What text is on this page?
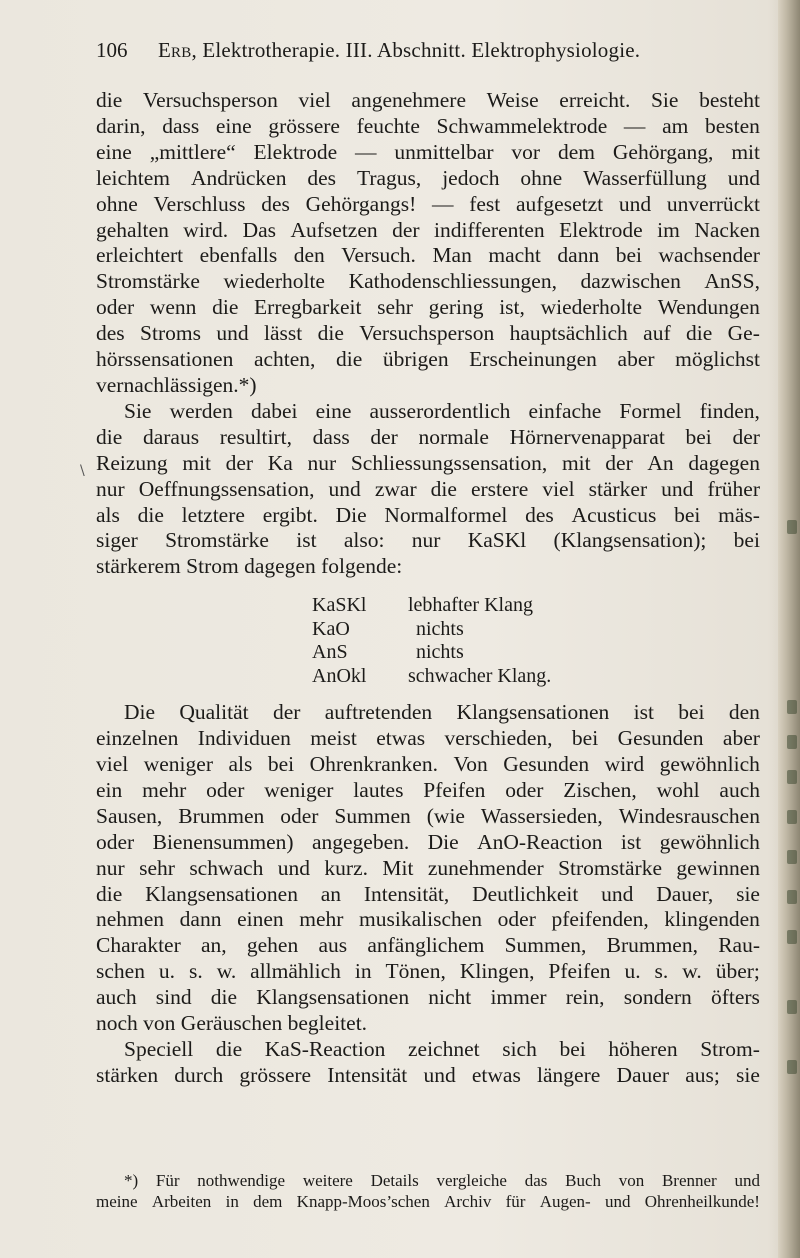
106	Erb, Elektrotherapie. III. Abschnitt. Elektrophysiologie.
\
die Versuchsperson viel angenehmere Weise erreicht. Sie besteht
darin, dass eine grössere feuchte Schwammelektrode — am besten
eine „mittlere“ Elektrode — unmittelbar vor dem Gehörgang, mit
leichtem Andrücken des Tragus, jedoch ohne Wasserfüllung und
ohne Verschluss des Gehörgangs! — fest aufgesetzt und unverrückt
gehalten wird. Das Aufsetzen der indifferenten Elektrode im Nacken
erleichtert ebenfalls den Versuch. Man macht dann bei wachsender
Stromstärke wiederholte Kathodenschliessungen, dazwischen AnSS,
oder wenn die Erregbarkeit sehr gering ist, wiederholte Wendungen
des Stroms und lässt die Versuchsperson hauptsächlich auf die Ge-
hörssensationen achten, die übrigen Erscheinungen aber möglichst
vernachlässigen.*)
Sie werden dabei eine ausserordentlich einfache Formel finden,
die daraus resultirt, dass der normale Hörnervenapparat bei der
Reizung mit der Ka nur Schliessungssensation, mit der An dagegen
nur Oeffnungssensation, und zwar die erstere viel stärker und früher
als die letztere ergibt. Die Normalformel des Acusticus bei mäs-
siger Stromstärke ist also: nur KaSKl (Klangsensation); bei
stärkerem Strom dagegen folgende:
KaSKl	lebhafter Klang
KaO	nichts
AnS	nichts
AnOkl	schwacher Klang.
Die Qualität der auftretenden Klangsensationen ist bei den
einzelnen Individuen meist etwas verschieden, bei Gesunden aber
viel weniger als bei Ohrenkranken. Von Gesunden wird gewöhnlich
ein mehr oder weniger lautes Pfeifen oder Zischen, wohl auch
Sausen, Brummen oder Summen (wie Wassersieden, Windesrauschen
oder Bienensummen) angegeben. Die AnO-Reaction ist gewöhnlich
nur sehr schwach und kurz. Mit zunehmender Stromstärke gewinnen
die Klangsensationen an Intensität, Deutlichkeit und Dauer, sie
nehmen dann einen mehr musikalischen oder pfeifenden, klingenden
Charakter an, gehen aus anfänglichem Summen, Brummen, Rau-
schen u. s. w. allmählich in Tönen, Klingen, Pfeifen u. s. w. über;
auch sind die Klangsensationen nicht immer rein, sondern öfters
noch von Geräuschen begleitet.
Speciell die KaS-Reaction zeichnet sich bei höheren Strom-
stärken durch grössere Intensität und etwas längere Dauer aus; sie
*) Für nothwendige weitere Details vergleiche das Buch von Brenner und
meine Arbeiten in dem Knapp-Moos’schen Archiv für Augen- und Ohrenheilkunde!
